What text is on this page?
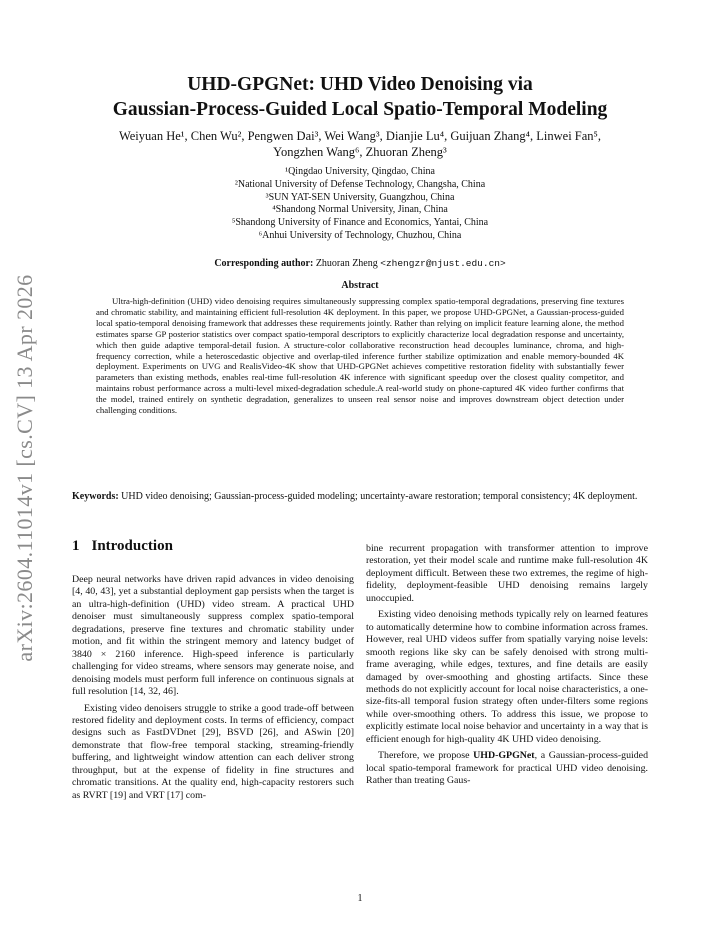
arXiv:2604.11014v1 [cs.CV] 13 Apr 2026
UHD-GPGNet: UHD Video Denoising via
Gaussian-Process-Guided Local Spatio-Temporal Modeling
Weiyuan He¹, Chen Wu², Pengwen Dai³, Wei Wang³, Dianjie Lu⁴, Guijuan Zhang⁴, Linwei Fan⁵,
Yongzhen Wang⁶, Zhuoran Zheng³
¹Qingdao University, Qingdao, China
²National University of Defense Technology, Changsha, China
³SUN YAT-SEN University, Guangzhou, China
⁴Shandong Normal University, Jinan, China
⁵Shandong University of Finance and Economics, Yantai, China
⁶Anhui University of Technology, Chuzhou, China
Corresponding author: Zhuoran Zheng <zhengzr@njust.edu.cn>
Abstract
Ultra-high-definition (UHD) video denoising requires simultaneously suppressing complex spatio-temporal degradations, preserving fine textures and chromatic stability, and maintaining efficient full-resolution 4K deployment. In this paper, we propose UHD-GPGNet, a Gaussian-process-guided local spatio-temporal denoising framework that addresses these requirements jointly. Rather than relying on implicit feature learning alone, the method estimates sparse GP posterior statistics over compact spatio-temporal descriptors to explicitly characterize local degradation response and uncertainty, which then guide adaptive temporal-detail fusion. A structure-color collaborative reconstruction head decouples luminance, chroma, and high-frequency correction, while a heteroscedastic objective and overlap-tiled inference further stabilize optimization and enable memory-bounded 4K deployment. Experiments on UVG and RealisVideo-4K show that UHD-GPGNet achieves competitive restoration fidelity with substantially fewer parameters than existing methods, enables real-time full-resolution 4K inference with significant speedup over the closest quality competitor, and maintains robust performance across a multi-level mixed-degradation schedule.A real-world study on phone-captured 4K video further confirms that the model, trained entirely on synthetic degradation, generalizes to unseen real sensor noise and improves downstream object detection under challenging conditions.
Keywords: UHD video denoising; Gaussian-process-guided modeling; uncertainty-aware restoration; temporal consistency; 4K deployment.
1 Introduction

Deep neural networks have driven rapid advances in video denoising [4, 40, 43], yet a substantial deployment gap persists when the target is an ultra-high-definition (UHD) video stream. A practical UHD denoiser must simultaneously suppress complex spatio-temporal degradations, preserve fine textures and chromatic stability under motion, and fit within the stringent memory and latency budget of 3840 × 2160 inference. High-speed inference is particularly challenging for video streams, where sensors may generate noise, and denoising models must perform full inference on continuous signals at full resolution [14, 32, 46].

Existing video denoisers struggle to strike a good trade-off between restored fidelity and deployment costs. In terms of efficiency, compact designs such as FastDVDnet [29], BSVD [26], and ASwin [20] demonstrate that flow-free temporal stacking, streaming-friendly buffering, and lightweight window attention can each deliver strong throughput, but at the expense of fidelity in fine structures and chromatic transitions. At the quality end, high-capacity restorers such as RVRT [19] and VRT [17] com-

bine recurrent propagation with transformer attention to improve restoration, yet their model scale and runtime make full-resolution 4K deployment difficult. Between these two extremes, the regime of high-fidelity, deployment-feasible UHD denoising remains largely unoccupied.

Existing video denoising methods typically rely on learned features to automatically determine how to combine information across frames. However, real UHD videos suffer from spatially varying noise levels: smooth regions like sky can be safely denoised with strong multi-frame averaging, while edges, textures, and fine details are easily damaged by over-smoothing and ghosting artifacts. Since these methods do not explicitly account for local noise characteristics, a one-size-fits-all temporal fusion strategy often under-filters some regions while over-smoothing others. To address this issue, we propose to explicitly estimate local noise behavior and uncertainty in a way that is efficient enough for high-quality 4K UHD video denoising.

Therefore, we propose UHD-GPGNet, a Gaussian-process-guided local spatio-temporal framework for practical UHD video denoising. Rather than treating Gaus-

1
